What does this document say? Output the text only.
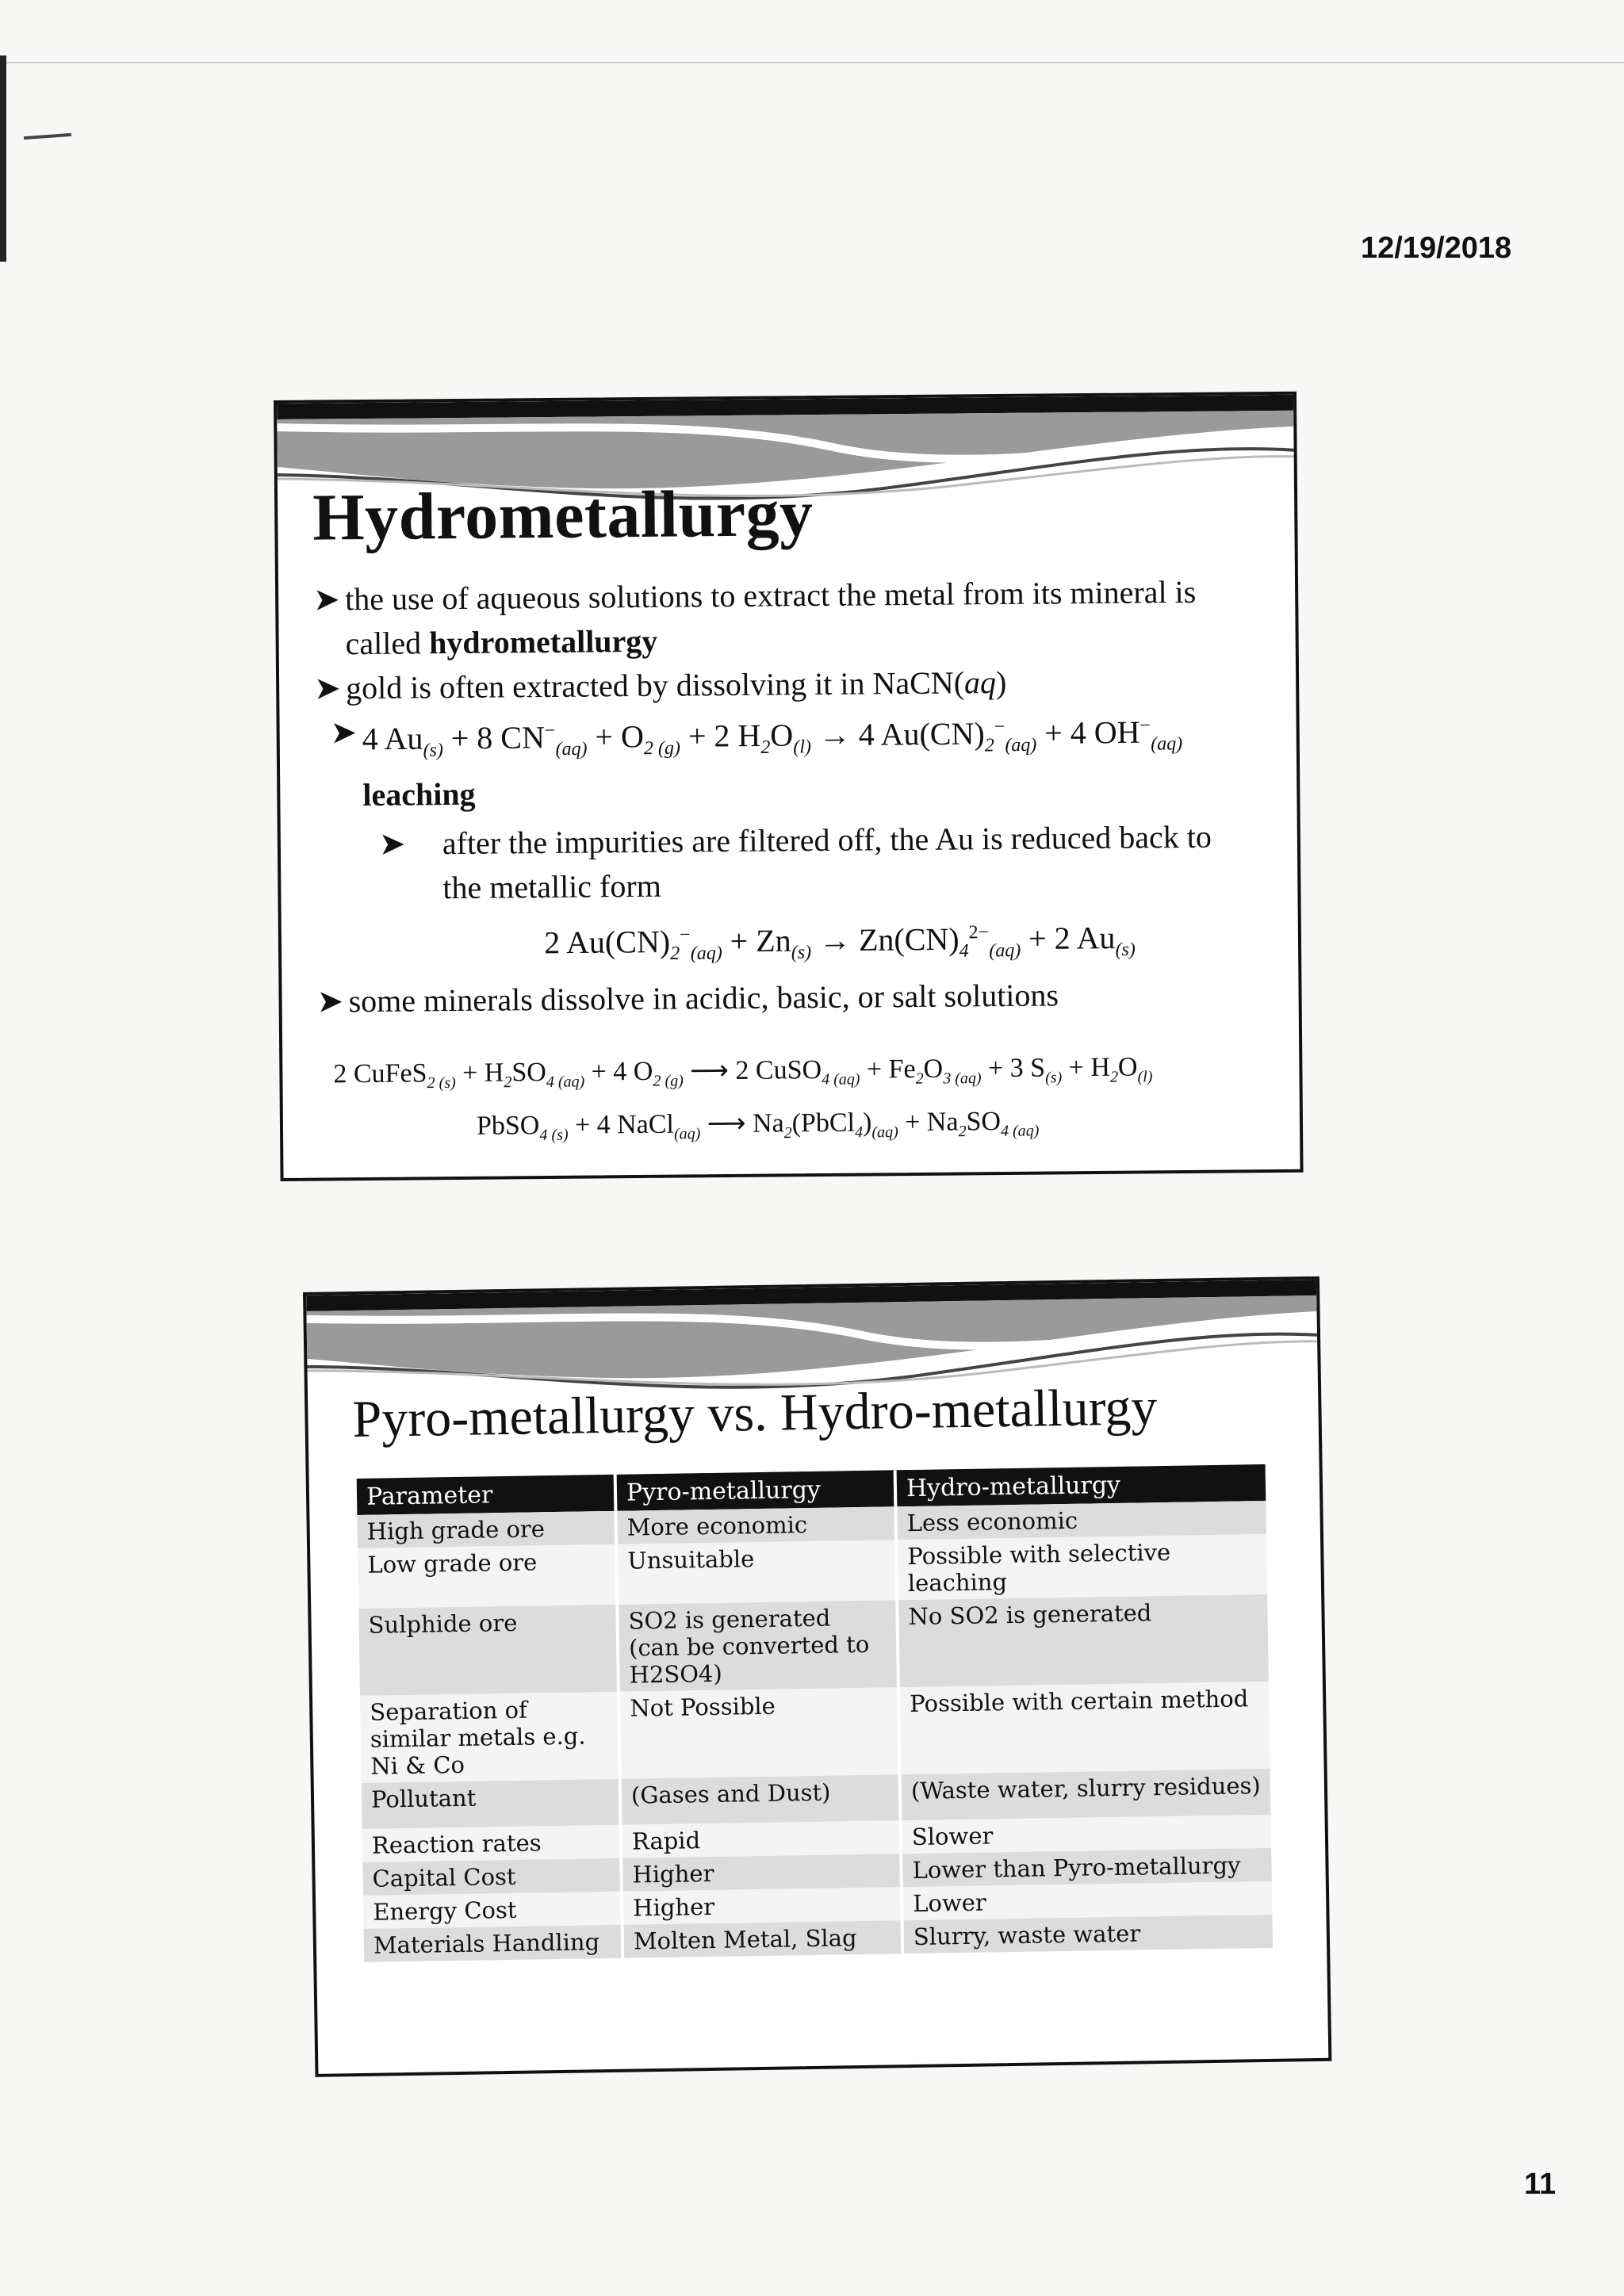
12/19/2018
Hydrometallurgy
➤ the use of aqueous solutions to extract the metal from its mineral is
called hydrometallurgy
➤ gold is often extracted by dissolving it in NaCN(aq)
➤ 4 $Au_{(s)} + 8$ $CN^-_{(aq)} + O_{2 (g)} + 2$ $H_2O_{(l)} \to 4$ $Au(CN)_2^-_{(aq)} + 4$ $OH^-_{(aq)}$
leaching
➤ after the impurities are filtered off, the Au is reduced back to
the metallic form
2 $Au(CN)_2^-_{(aq)} + Zn_{(s)} \to Zn(CN)_4^{2-}_{(aq)} + 2$ $Au_{(s)}$
➤ some minerals dissolve in acidic, basic, or salt solutions
2 CuFeS$_{2 (s)}$ + $H_2SO_{4 (aq)} + 4$ $O_{2 (g)}$ ⟶ 2 CuSO$_{4 (aq)}$ + $Fe_2O_{3 (aq)} + 3$ $S_{(s)} + H_2O_{(l)}$
PbSO$_{4 (s)}$ + 4 NaCl$_{(aq)}$ ⟶ $Na_2(PbCl_4)_{(aq)} + Na_2SO_{4 (aq)}$
Pyro-metallurgy vs. Hydro-metallurgy
Parameter	Pyro-metallurgy	Hydro-metallurgy
High grade ore	More economic	Less economic
Low grade ore	Unsuitable	Possible with selective leaching
Sulphide ore	SO2 is generated (can be converted to H2SO4)	No SO2 is generated
Separation of similar metals e.g. Ni & Co	Not Possible	Possible with certain method
Pollutant	(Gases and Dust)	(Waste water, slurry residues)
Reaction rates	Rapid	Slower
Capital Cost	Higher	Lower than Pyro-metallurgy
Energy Cost	Higher	Lower
Materials Handling	Molten Metal, Slag	Slurry, waste water
11
